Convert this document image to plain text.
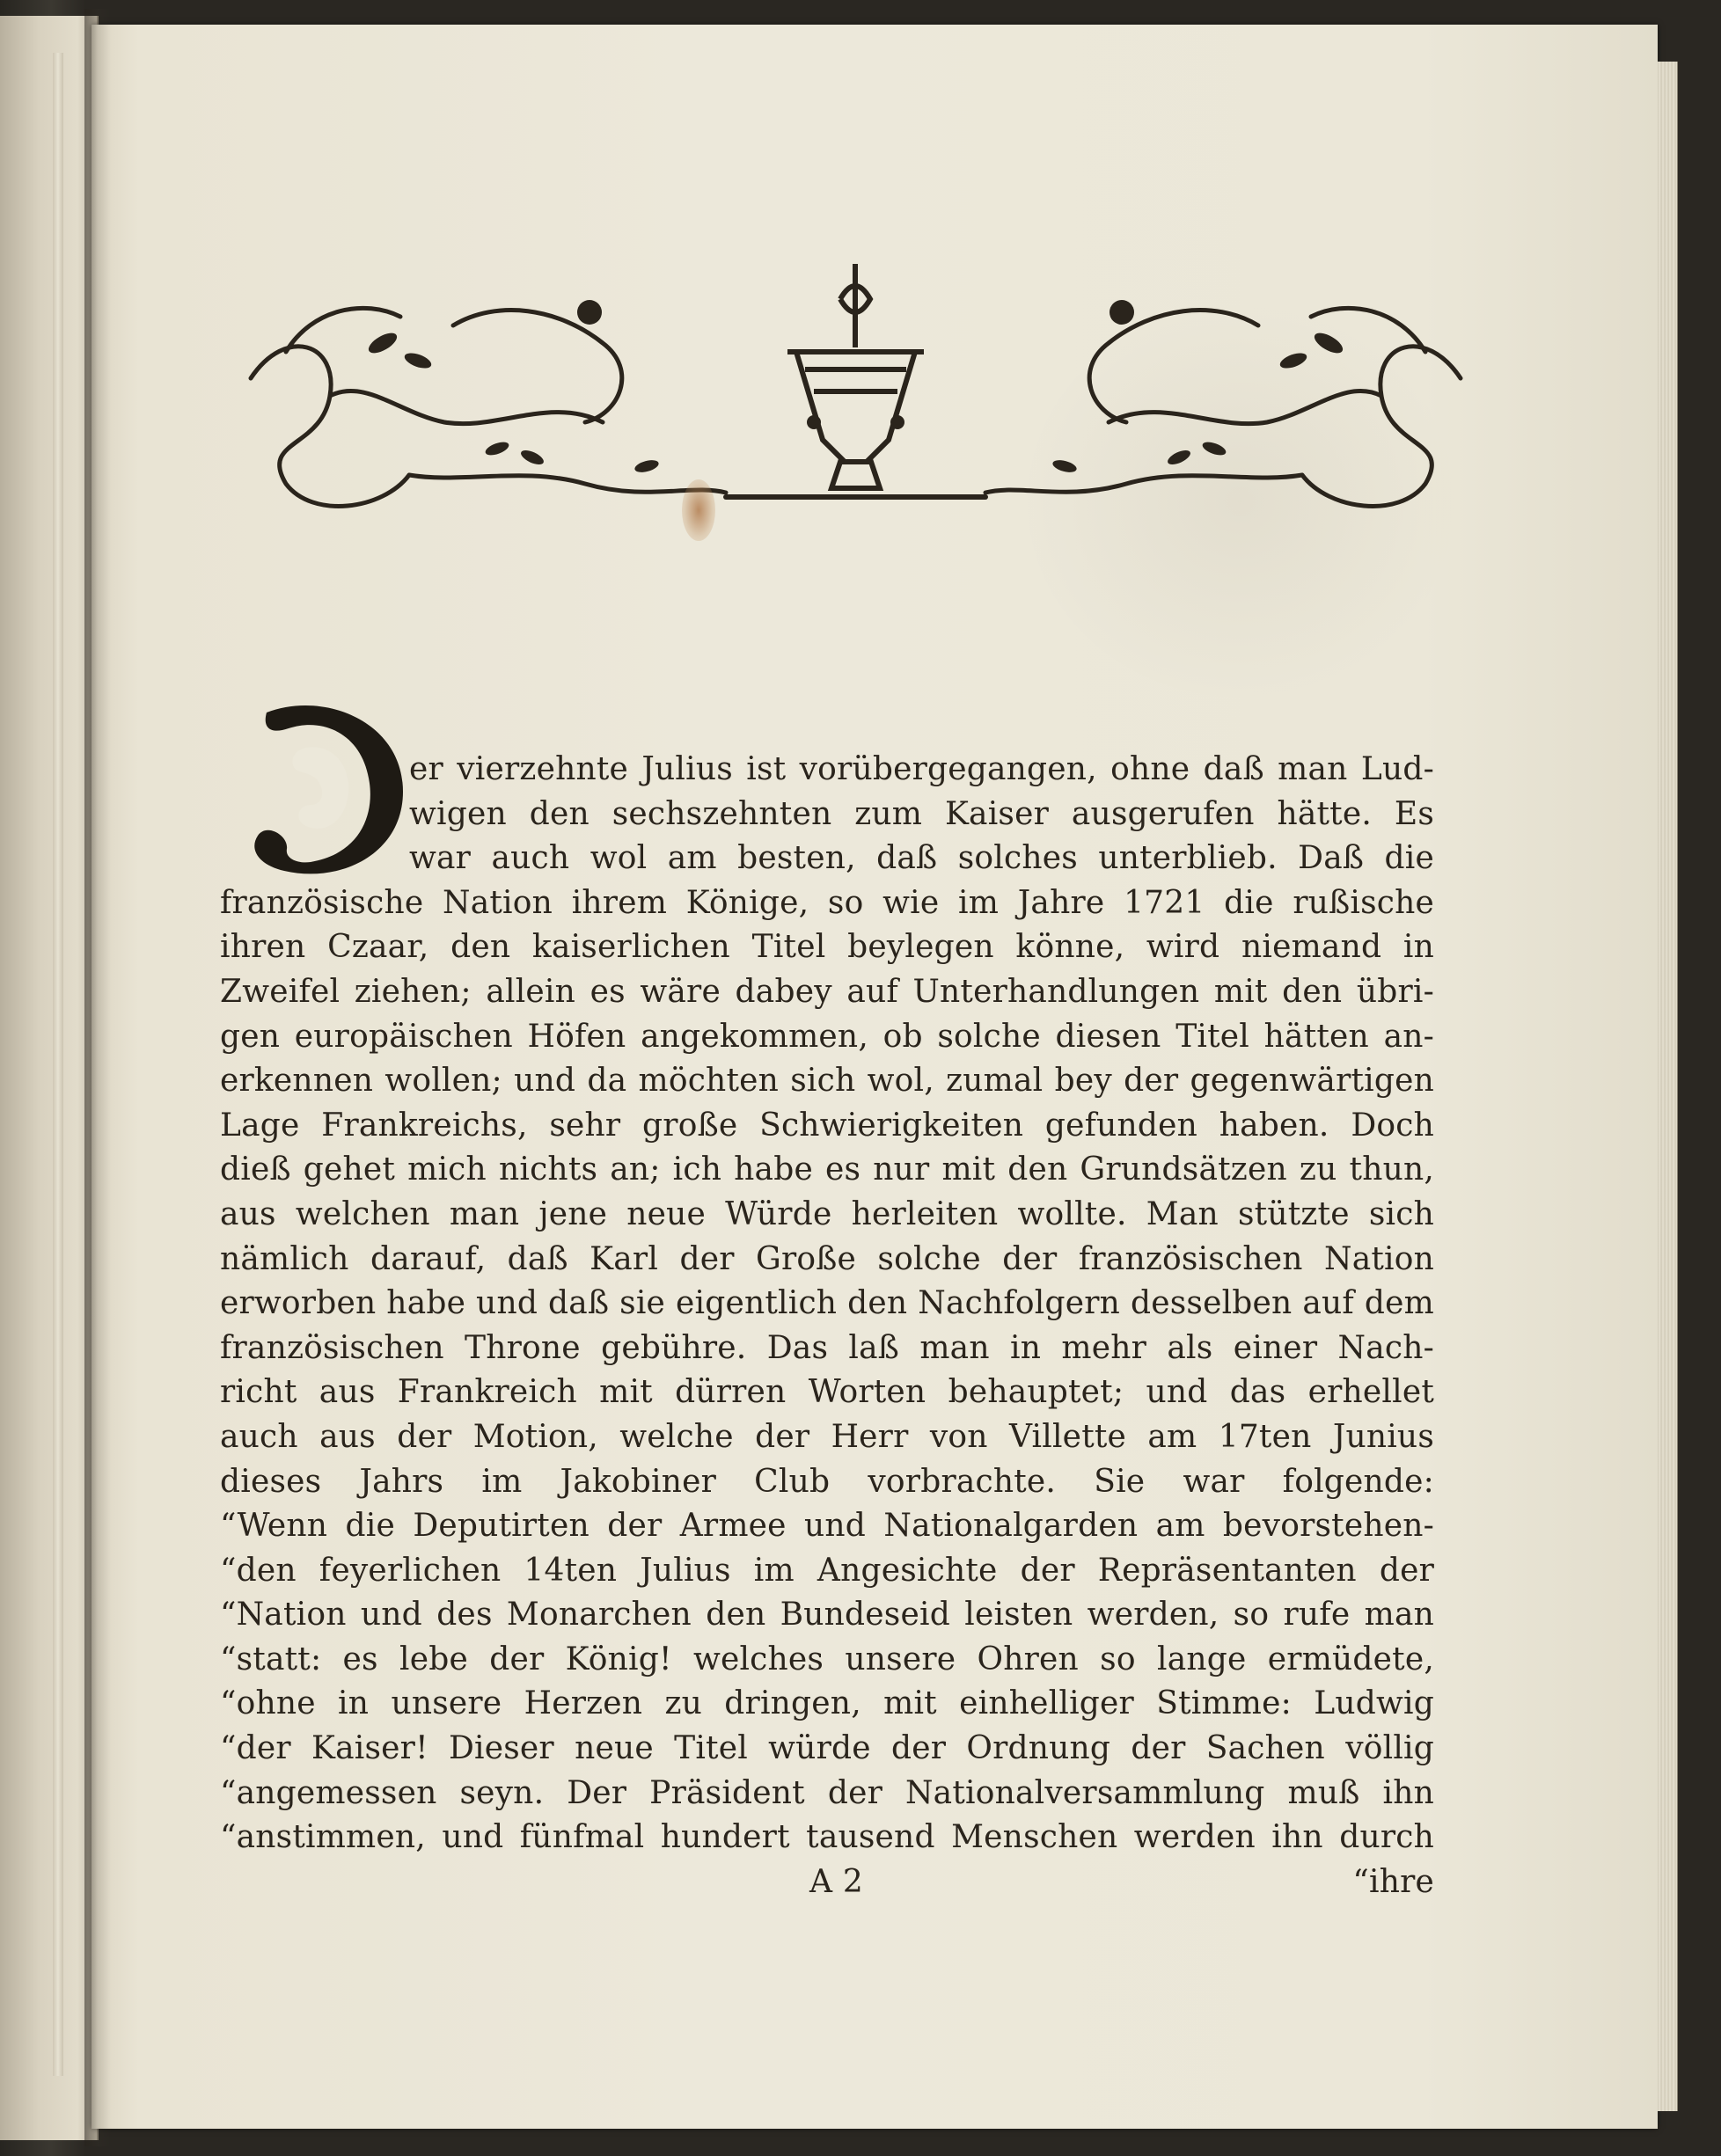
er vierzehnte Julius ist vorübergegangen, ohne daß man Lud-
wigen den sechszehnten zum Kaiser ausgerufen hätte. Es
war auch wol am besten, daß solches unterblieb. Daß die
französische Nation ihrem Könige, so wie im Jahre 1721 die rußische
ihren Czaar, den kaiserlichen Titel beylegen könne, wird niemand in
Zweifel ziehen; allein es wäre dabey auf Unterhandlungen mit den übri-
gen europäischen Höfen angekommen, ob solche diesen Titel hätten an-
erkennen wollen; und da möchten sich wol, zumal bey der gegenwärtigen
Lage Frankreichs, sehr große Schwierigkeiten gefunden haben. Doch
dieß gehet mich nichts an; ich habe es nur mit den Grundsätzen zu thun,
aus welchen man jene neue Würde herleiten wollte. Man stützte sich
nämlich darauf, daß Karl der Große solche der französischen Nation
erworben habe und daß sie eigentlich den Nachfolgern desselben auf dem
französischen Throne gebühre. Das laß man in mehr als einer Nach-
richt aus Frankreich mit dürren Worten behauptet; und das erhellet
auch aus der Motion, welche der Herr von Villette am 17ten Junius
dieses Jahrs im Jakobiner Club vorbrachte. Sie war folgende:
“Wenn die Deputirten der Armee und Nationalgarden am bevorstehen-
“den feyerlichen 14ten Julius im Angesichte der Repräsentanten der
“Nation und des Monarchen den Bundeseid leisten werden, so rufe man
“statt: es lebe der König! welches unsere Ohren so lange ermüdete,
“ohne in unsere Herzen zu dringen, mit einhelliger Stimme: Ludwig
“der Kaiser! Dieser neue Titel würde der Ordnung der Sachen völlig
“angemessen seyn. Der Präsident der Nationalversammlung muß ihn
“anstimmen, und fünfmal hundert tausend Menschen werden ihn durch
A 2	“ihre
